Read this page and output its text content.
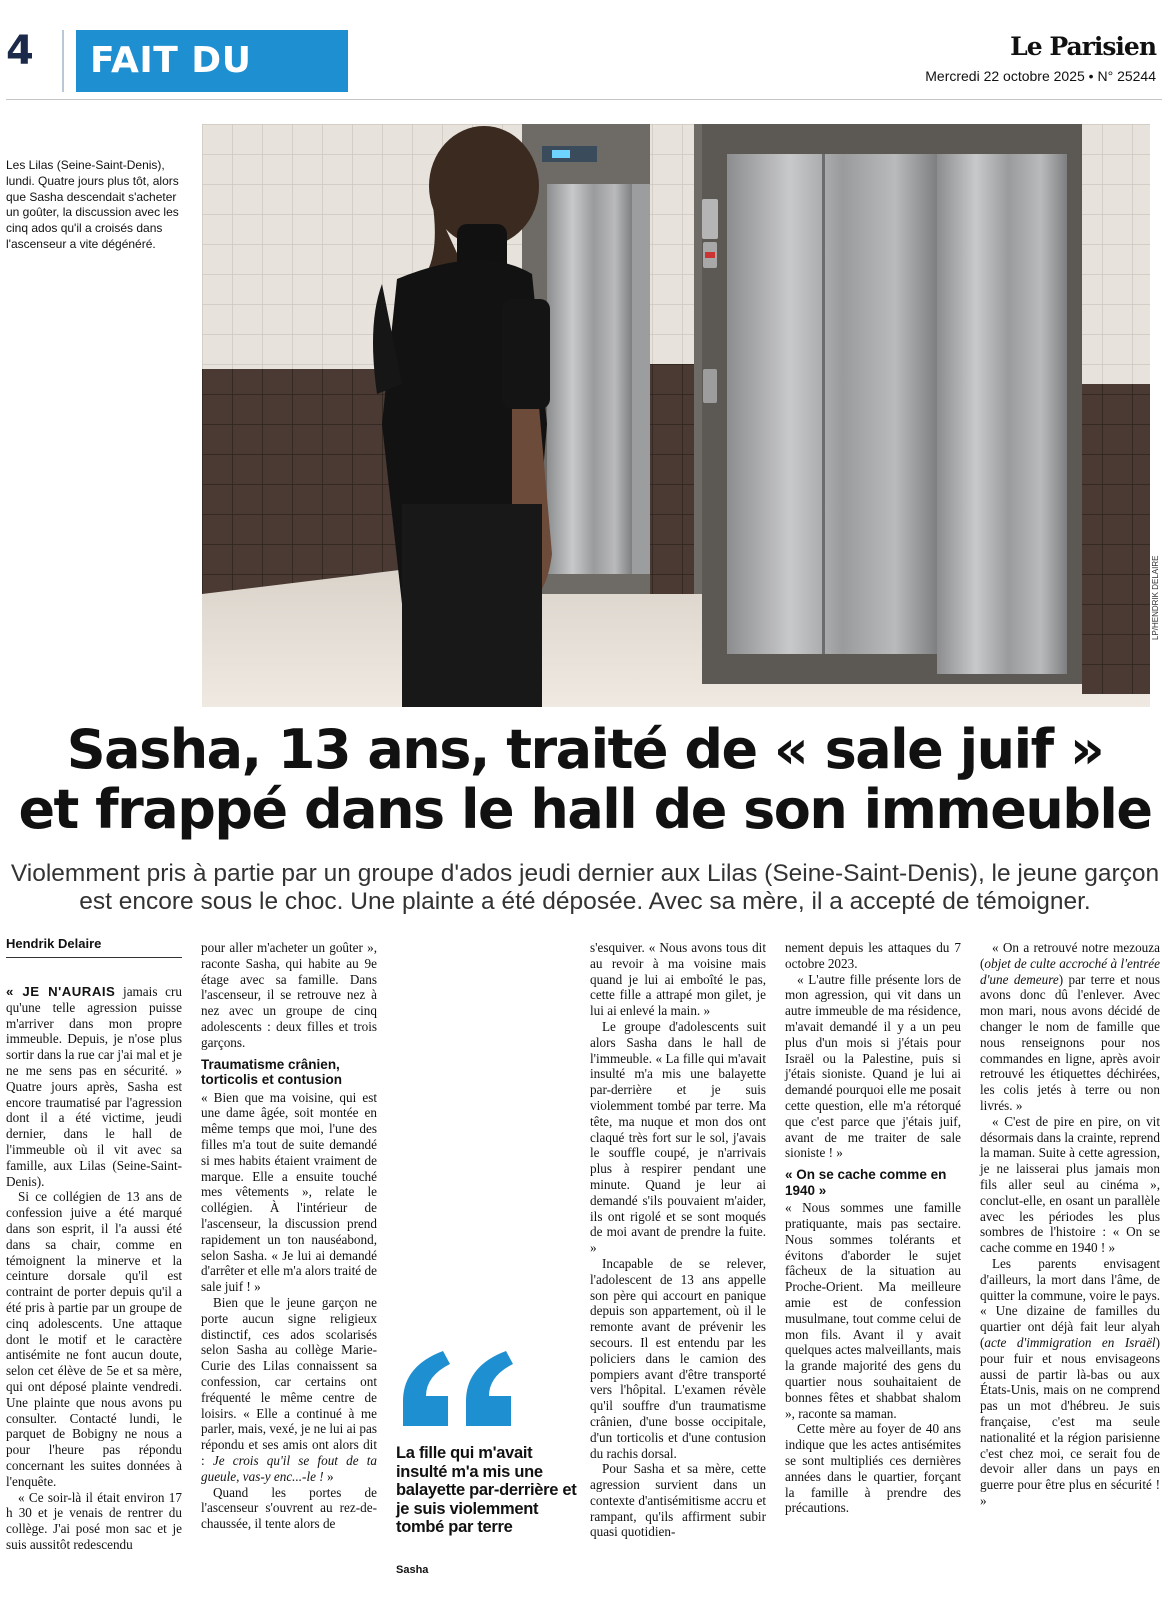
4	FAIT DU JOUR
Le Parisien
Mercredi 22 octobre 2025 • N° 25244
Les Lilas (Seine-Saint-Denis), lundi. Quatre jours plus tôt, alors que Sasha descendait s'acheter un goûter, la discussion avec les cinq ados qu'il a croisés dans l'ascenseur a vite dégénéré.
LP/HENDRIK DELAIRE
Sasha, 13 ans, traité de « sale juif »
et frappé dans le hall de son immeuble
Violemment pris à partie par un groupe d'ados jeudi dernier aux Lilas (Seine-Saint-Denis), le jeune garçon est encore sous le choc. Une plainte a été déposée. Avec sa mère, il a accepté de témoigner.
Hendrik Delaire

« JE N'AURAIS jamais cru qu'une telle agression puisse m'arriver dans mon propre immeuble. Depuis, je n'ose plus sortir dans la rue car j'ai mal et je ne me sens pas en sécurité. » Quatre jours après, Sasha est encore traumatisé par l'agression dont il a été victime, jeudi dernier, dans le hall de l'immeuble où il vit avec sa famille, aux Lilas (Seine-Saint-Denis).

Si ce collégien de 13 ans de confession juive a été marqué dans son esprit, il l'a aussi été dans sa chair, comme en témoignent la minerve et la ceinture dorsale qu'il est contraint de porter depuis qu'il a été pris à partie par un groupe de cinq adolescents. Une attaque dont le motif et le caractère antisémite ne font aucun doute, selon cet élève de 5e et sa mère, qui ont déposé plainte vendredi. Une plainte que nous avons pu consulter. Contacté lundi, le parquet de Bobigny ne nous a pour l'heure pas répondu concernant les suites données à l'enquête.

« Ce soir-là il était environ 17 h 30 et je venais de rentrer du collège. J'ai posé mon sac et je suis aussitôt redescendu

pour aller m'acheter un goûter », raconte Sasha, qui habite au 9e étage avec sa famille. Dans l'ascenseur, il se retrouve nez à nez avec un groupe de cinq adolescents : deux filles et trois garçons.

Traumatisme crânien, torticolis et contusion

« Bien que ma voisine, qui est une dame âgée, soit montée en même temps que moi, l'une des filles m'a tout de suite demandé si mes habits étaient vraiment de marque. Elle a ensuite touché mes vêtements », relate le collégien. À l'intérieur de l'ascenseur, la discussion prend rapidement un ton nauséabond, selon Sasha. « Je lui ai demandé d'arrêter et elle m'a alors traité de sale juif ! »

Bien que le jeune garçon ne porte aucun signe religieux distinctif, ces ados scolarisés selon Sasha au collège Marie-Curie des Lilas connaissent sa confession, car certains ont fréquenté le même centre de loisirs. « Elle a continué à me parler, mais, vexé, je ne lui ai pas répondu et ses amis ont alors dit : Je crois qu'il se fout de ta gueule, vas-y enc...-le ! »

Quand les portes de l'ascenseur s'ouvrent au rez-de-chaussée, il tente alors de

La fille qui m'avait insulté m'a mis une balayette par-derrière et je suis violemment tombé par terre
Sasha

s'esquiver. « Nous avons tous dit au revoir à ma voisine mais quand je lui ai emboîté le pas, cette fille a attrapé mon gilet, je lui ai enlevé la main. »

Le groupe d'adolescents suit alors Sasha dans le hall de l'immeuble. « La fille qui m'avait insulté m'a mis une balayette par-derrière et je suis violemment tombé par terre. Ma tête, ma nuque et mon dos ont claqué très fort sur le sol, j'avais le souffle coupé, je n'arrivais plus à respirer pendant une minute. Quand je leur ai demandé s'ils pouvaient m'aider, ils ont rigolé et se sont moqués de moi avant de prendre la fuite. »

Incapable de se relever, l'adolescent de 13 ans appelle son père qui accourt en panique depuis son appartement, où il le remonte avant de prévenir les secours. Il est entendu par les policiers dans le camion des pompiers avant d'être transporté vers l'hôpital. L'examen révèle qu'il souffre d'un traumatisme crânien, d'une bosse occipitale, d'un torticolis et d'une contusion du rachis dorsal.

Pour Sasha et sa mère, cette agression survient dans un contexte d'antisémitisme accru et rampant, qu'ils affirment subir quasi quotidien-

nement depuis les attaques du 7 octobre 2023.

« L'autre fille présente lors de mon agression, qui vit dans un autre immeuble de ma résidence, m'avait demandé il y a un peu plus d'un mois si j'étais pour Israël ou la Palestine, puis si j'étais sioniste. Quand je lui ai demandé pourquoi elle me posait cette question, elle m'a rétorqué que c'est parce que j'étais juif, avant de me traiter de sale sioniste ! »

« On se cache comme en 1940 »

« Nous sommes une famille pratiquante, mais pas sectaire. Nous sommes tolérants et évitons d'aborder le sujet fâcheux de la situation au Proche-Orient. Ma meilleure amie est de confession musulmane, tout comme celui de mon fils. Avant il y avait quelques actes malveillants, mais la grande majorité des gens du quartier nous souhaitaient de bonnes fêtes et shabbat shalom », raconte sa maman.

Cette mère au foyer de 40 ans indique que les actes antisémites se sont multipliés ces dernières années dans le quartier, forçant la famille à prendre des précautions.

« On a retrouvé notre mezouza (objet de culte accroché à l'entrée d'une demeure) par terre et nous avons donc dû l'enlever. Avec mon mari, nous avons décidé de changer le nom de famille que nous renseignons pour nos commandes en ligne, après avoir retrouvé les étiquettes déchirées, les colis jetés à terre ou non livrés. »

« C'est de pire en pire, on vit désormais dans la crainte, reprend la maman. Suite à cette agression, je ne laisserai plus jamais mon fils aller seul au cinéma », conclut-elle, en osant un parallèle avec les périodes les plus sombres de l'histoire : « On se cache comme en 1940 ! »

Les parents envisagent d'ailleurs, la mort dans l'âme, de quitter la commune, voire le pays. « Une dizaine de familles du quartier ont déjà fait leur alyah (acte d'immigration en Israël) pour fuir et nous envisageons aussi de partir là-bas ou aux États-Unis, mais on ne comprend pas un mot d'hébreu. Je suis française, c'est ma seule nationalité et la région parisienne c'est chez moi, ce serait fou de devoir aller dans un pays en guerre pour être plus en sécurité ! »
